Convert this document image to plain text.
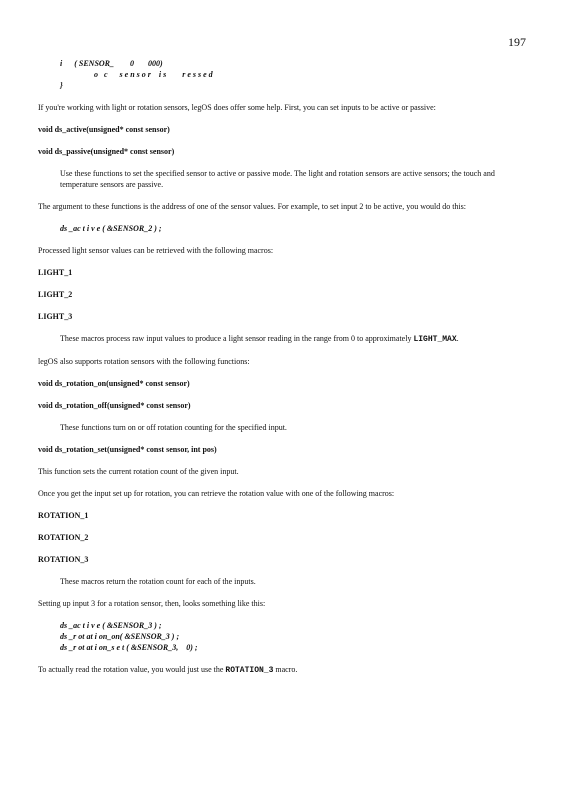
197
i      ( SENSOR_        0       000)
o   c      s e n s o r    i s        r e s s e d
}

If you're working with light or rotation sensors, legOS does offer some help. First, you can set inputs to be active or passive:

void ds_active(unsigned* const sensor)

void ds_passive(unsigned* const sensor)

Use these functions to set the specified sensor to active or passive mode. The light and rotation sensors are active sensors; the touch and temperature sensors are passive.

The argument to these functions is the address of one of the sensor values. For example, to set input 2 to be active, you would do this:

ds _ac t i v e ( &SENSOR_2 ) ;

Processed light sensor values can be retrieved with the following macros:

LIGHT_1

LIGHT_2

LIGHT_3

These macros process raw input values to produce a light sensor reading in the range from 0 to approximately LIGHT_MAX.

legOS also supports rotation sensors with the following functions:

void ds_rotation_on(unsigned* const sensor)

void ds_rotation_off(unsigned* const sensor)

These functions turn on or off rotation counting for the specified input.

void ds_rotation_set(unsigned* const sensor, int pos)

This function sets the current rotation count of the given input.

Once you get the input set up for rotation, you can retrieve the rotation value with one of the following macros:

ROTATION_1

ROTATION_2

ROTATION_3

These macros return the rotation count for each of the inputs.

Setting up input 3 for a rotation sensor, then, looks something like this:

ds _ac t i v e ( &SENSOR_3 ) ;
ds _r ot at i on_on( &SENSOR_3 ) ;
ds _r ot at i on_s e t ( &SENSOR_3,    0) ;

To actually read the rotation value, you would just use the ROTATION_3 macro.
